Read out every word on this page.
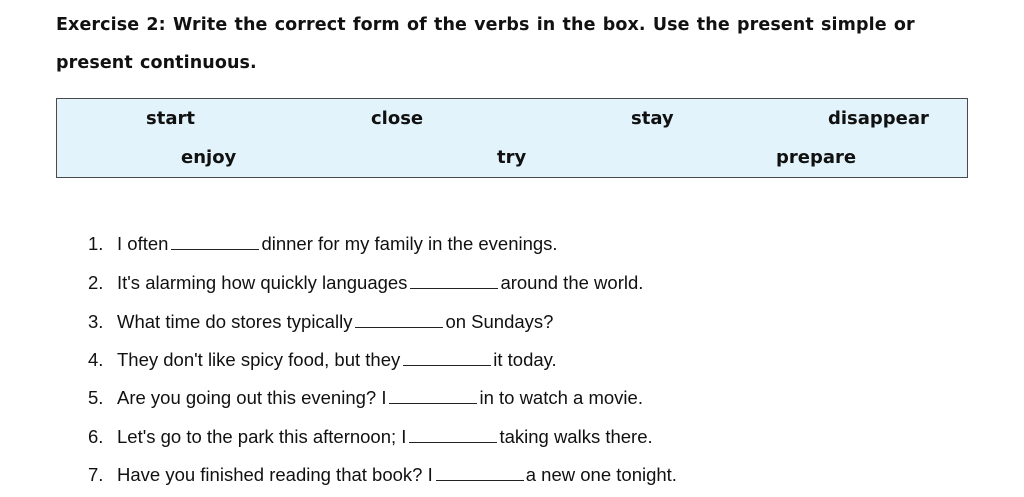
Exercise 2: Write the correct form of the verbs in the box. Use the present simple or present continuous.
start	close	stay	disappear
enjoy	try	prepare
1. I often	dinner for my family in the evenings.
2. It's alarming how quickly languages	around the world.
3. What time do stores typically	on Sundays?
4. They don't like spicy food, but they	it today.
5. Are you going out this evening? I	in to watch a movie.
6. Let's go to the park this afternoon; I	taking walks there.
7. Have you finished reading that book? I	a new one tonight.
